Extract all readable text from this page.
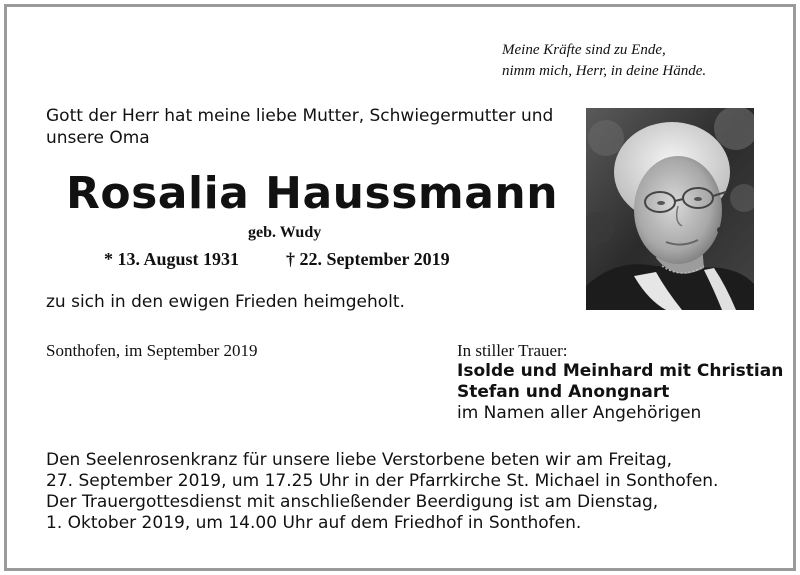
Meine Kräfte sind zu Ende,
nimm mich, Herr, in deine Hände.
Gott der Herr hat meine liebe Mutter, Schwiegermutter und
unsere Oma
Rosalia Haussmann
geb. Wudy
* 13. August 1931	† 22. September 2019
zu sich in den ewigen Frieden heimgeholt.
Sonthofen, im September 2019	In stiller Trauer:
Isolde und Meinhard mit Christian
Stefan und Anongnart
im Namen aller Angehörigen
Den Seelenrosenkranz für unsere liebe Verstorbene beten wir am Freitag,
27. September 2019, um 17.25 Uhr in der Pfarrkirche St. Michael in Sonthofen.
Der Trauergottesdienst mit anschließender Beerdigung ist am Dienstag,
1. Oktober 2019, um 14.00 Uhr auf dem Friedhof in Sonthofen.
